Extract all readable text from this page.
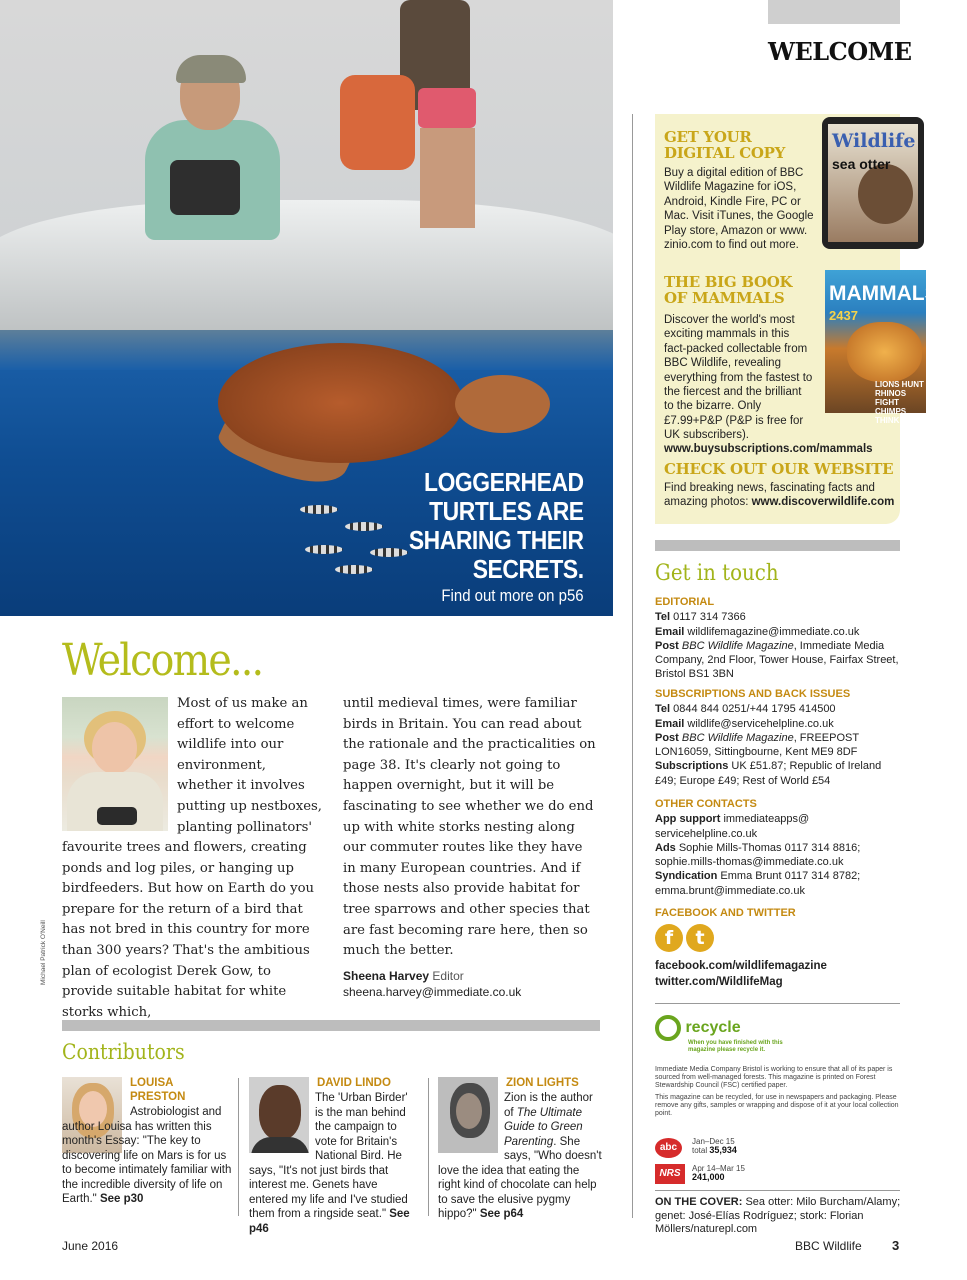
LOGGERHEAD
TURTLES ARE
SHARING THEIR
SECRETS.
Find out more on p56
Michael Patrick O'Neill
WELCOME
GET YOUR
DIGITAL COPY
Buy a digital edition of BBC Wildlife Magazine for iOS, Android, Kindle Fire, PC or Mac. Visit iTunes, the Google Play store, Amazon or www. zinio.com to find out more.
Wildlife
sea otter
THE BIG BOOK
OF MAMMALS
Discover the world's most exciting mammals in this fact-packed collectable from BBC Wildlife, revealing everything from the fastest to the fiercest and the brilliant to the bizarre. Only £7.99+P&P (P&P is free for UK subscribers).
www.buysubscriptions.com/mammals
MAMMALS
2437
LIONS HUNT RHINOS FIGHT CHIMPS THINK
CHECK OUT OUR WEBSITE
Find breaking news, fascinating facts and amazing photos: www.discoverwildlife.com
Get in touch
EDITORIAL
Tel 0117 314 7366
Email wildlifemagazine@immediate.co.uk
Post BBC Wildlife Magazine, Immediate Media Company, 2nd Floor, Tower House, Fairfax Street, Bristol BS1 3BN
SUBSCRIPTIONS AND BACK ISSUES
Tel 0844 844 0251/+44 1795 414500
Email wildlife@servicehelpline.co.uk
Post BBC Wildlife Magazine, FREEPOST LON16059, Sittingbourne, Kent ME9 8DF
Subscriptions UK £51.87; Republic of Ireland £49; Europe £49; Rest of World £54
OTHER CONTACTS
App support immediateapps@ servicehelpline.co.uk
Ads Sophie Mills-Thomas 0117 314 8816; sophie.mills-thomas@immediate.co.uk
Syndication Emma Brunt 0117 314 8782; emma.brunt@immediate.co.uk
FACEBOOK AND TWITTER
f t
facebook.com/wildlifemagazine
twitter.com/WildlifeMag
recycle
When you have finished with this magazine please recycle it.
Immediate Media Company Bristol is working to ensure that all of its paper is sourced from well-managed forests. This magazine is printed on Forest Stewardship Council (FSC) certified paper.
This magazine can be recycled, for use in newspapers and packaging. Please remove any gifts, samples or wrapping and dispose of it at your local collection point.
abc
Jan–Dec 15
total 35,934
NRS	Apr 14–Mar 15
241,000
ON THE COVER: Sea otter: Milo Burcham/Alamy; genet: José-Elías Rodríguez; stork: Florian Möllers/naturepl.com
Welcome...
Most of us make an effort to welcome wildlife into our environment, whether it involves putting up nestboxes, planting pollinators'
favourite trees and flowers, creating ponds and log piles, or hanging up birdfeeders. But how on Earth do you prepare for the return of a bird that has not bred in this country for more than 300 years? That's the ambitious plan of ecologist Derek Gow, to provide suitable habitat for white storks which,
until medieval times, were familiar birds in Britain. You can read about the rationale and the practicalities on page 38. It's clearly not going to happen overnight, but it will be fascinating to see whether we do end up with white storks nesting along our commuter routes like they have in many European countries. And if those nests also provide habitat for tree sparrows and other species that are fast becoming rare here, then so much the better.
Sheena Harvey Editor
sheena.harvey@immediate.co.uk
Contributors
LOUISA
PRESTON
Astrobiologist and author Louisa has written this month's Essay: "The key to discovering life on Mars is for us to become intimately familiar with the incredible diversity of life on Earth." See p30
DAVID LINDO
The 'Urban Birder' is the man behind the campaign to vote for Britain's National Bird. He says, "It's not just birds that interest me. Genets have entered my life and I've studied them from a ringside seat." See p46
ZION LIGHTS
Zion is the author of The Ultimate Guide to Green Parenting. She says, "Who doesn't love the idea that eating the right kind of chocolate can help to save the elusive pygmy hippo?" See p64
June 2016	BBC Wildlife 3
